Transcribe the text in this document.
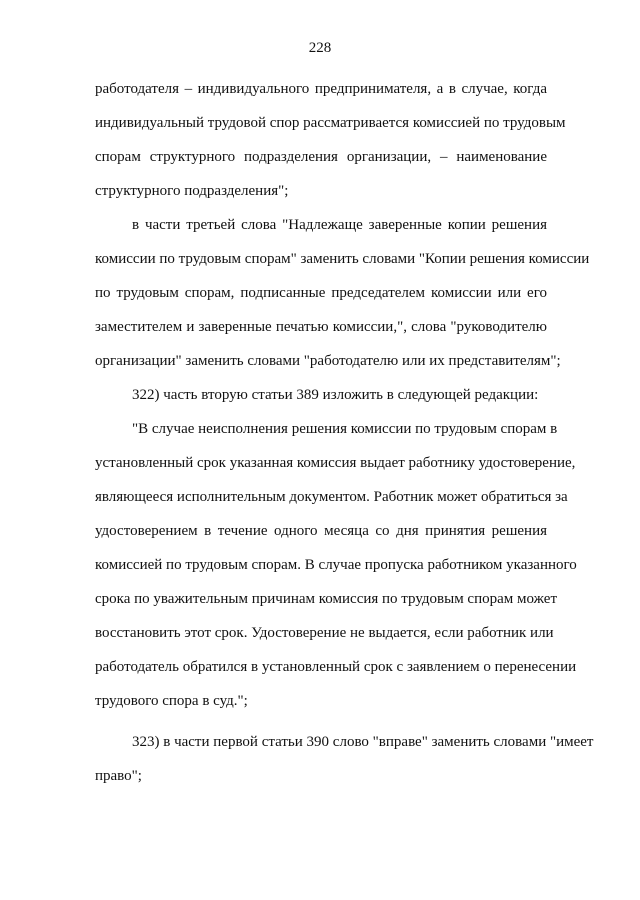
228
работодателя – индивидуального предпринимателя, а в случае, когда
индивидуальный трудовой спор рассматривается комиссией по трудовым
спорам структурного подразделения организации, – наименование
структурного подразделения";
в части третьей слова "Надлежаще заверенные копии решения
комиссии по трудовым спорам" заменить словами "Копии решения комиссии
по трудовым спорам, подписанные председателем комиссии или его
заместителем и заверенные печатью комиссии,", слова "руководителю
организации" заменить словами "работодателю или их представителям";
322) часть вторую статьи 389 изложить в следующей редакции:
"В случае неисполнения решения комиссии по трудовым спорам в
установленный срок указанная комиссия выдает работнику удостоверение,
являющееся исполнительным документом. Работник может обратиться за
удостоверением в течение одного месяца со дня принятия решения
комиссией по трудовым спорам. В случае пропуска работником указанного
срока по уважительным причинам комиссия по трудовым спорам может
восстановить этот срок. Удостоверение не выдается, если работник или
работодатель обратился в установленный срок с заявлением о перенесении
трудового спора в суд.";
323) в части первой статьи 390 слово "вправе" заменить словами "имеет
право";
